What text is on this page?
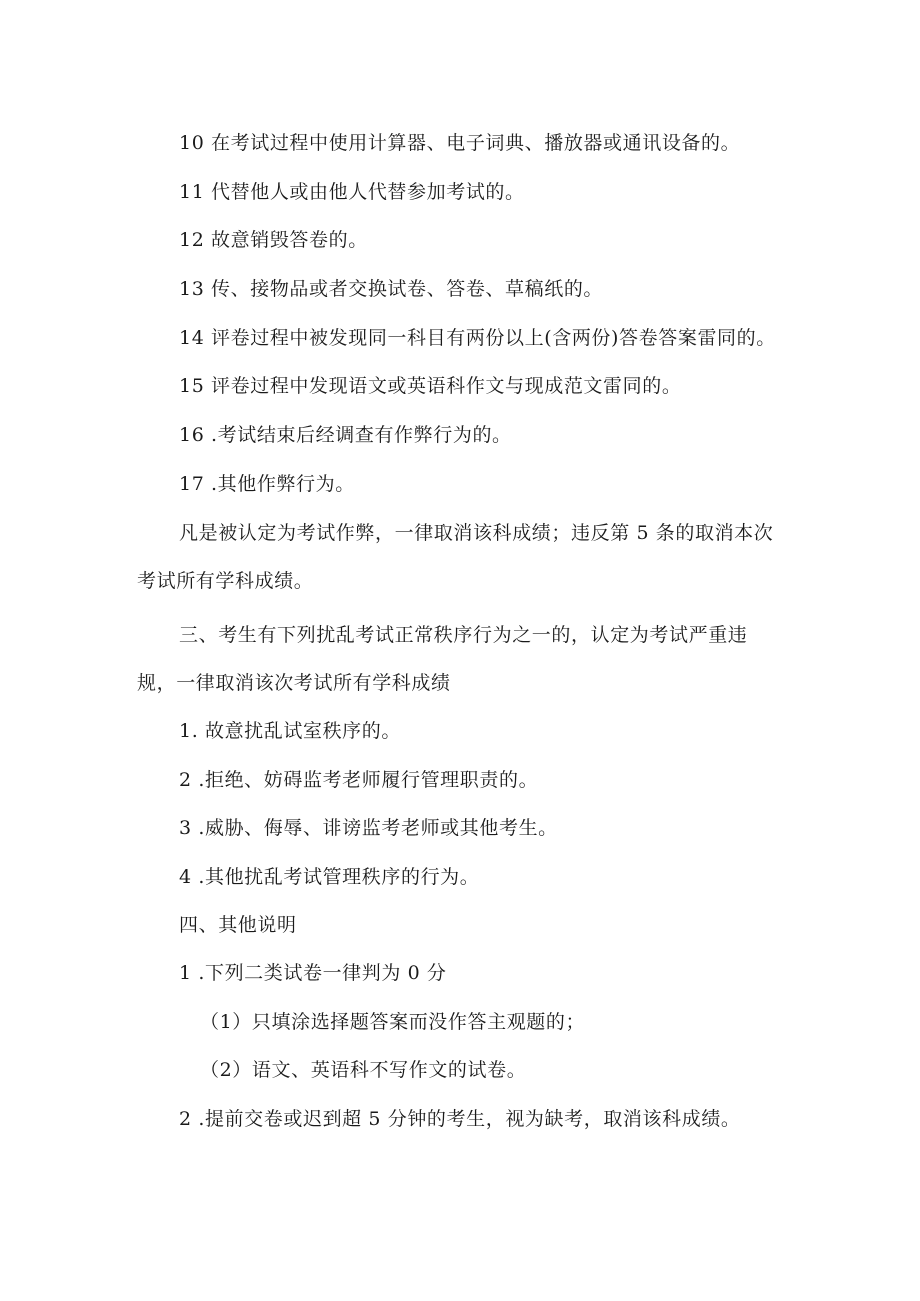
10 在考试过程中使用计算器、电子词典、播放器或通讯设备的。
11 代替他人或由他人代替参加考试的。
12 故意销毁答卷的。
13 传、接物品或者交换试卷、答卷、草稿纸的。
14 评卷过程中被发现同一科目有两份以上(含两份)答卷答案雷同的。
15 评卷过程中发现语文或英语科作文与现成范文雷同的。
16 .考试结束后经调查有作弊行为的。
17 .其他作弊行为。
凡是被认定为考试作弊，一律取消该科成绩；违反第 5 条的取消本次
考试所有学科成绩。
三、考生有下列扰乱考试正常秩序行为之一的，认定为考试严重违
规，一律取消该次考试所有学科成绩
1. 故意扰乱试室秩序的。
2 .拒绝、妨碍监考老师履行管理职责的。
3 .威胁、侮辱、诽谤监考老师或其他考生。
4 .其他扰乱考试管理秩序的行为。
四、其他说明
1 .下列二类试卷一律判为 0 分
（1）只填涂选择题答案而没作答主观题的；
（2）语文、英语科不写作文的试卷。
2 .提前交卷或迟到超 5 分钟的考生，视为缺考，取消该科成绩。
